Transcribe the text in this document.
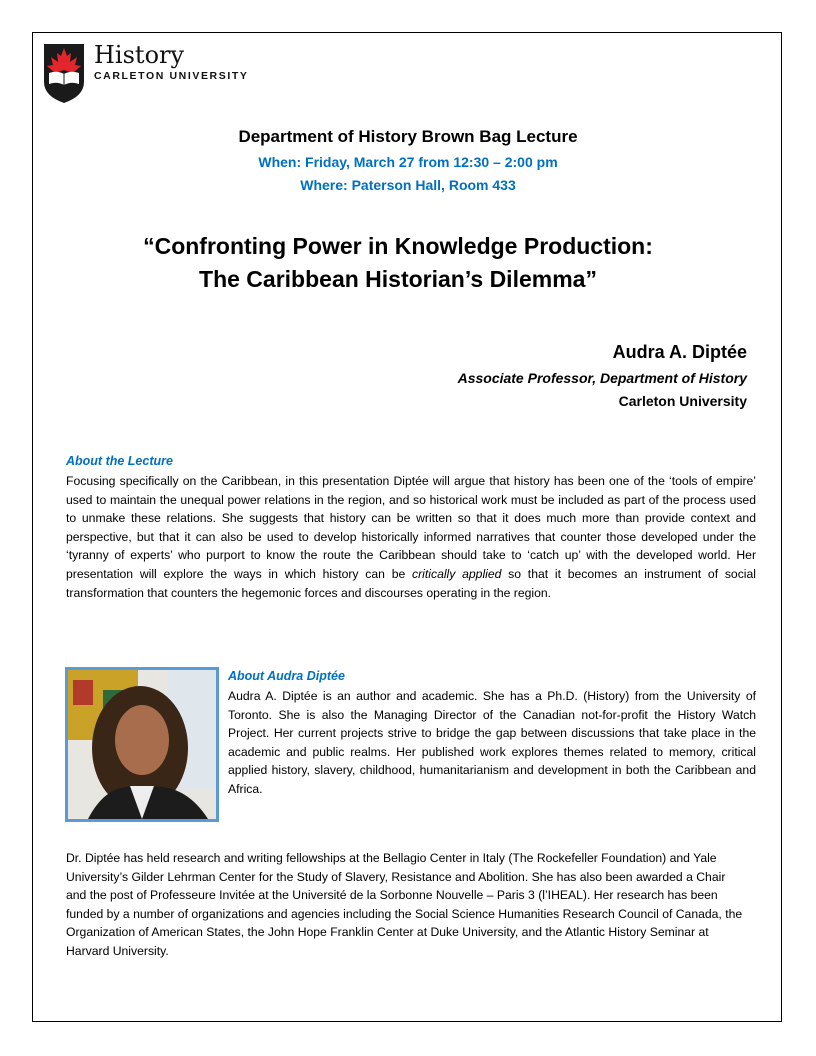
History
CARLETON UNIVERSITY
Department of History Brown Bag Lecture
When: Friday, March 27 from 12:30 – 2:00 pm
Where: Paterson Hall, Room 433
“Confronting Power in Knowledge Production:
The Caribbean Historian’s Dilemma”
Audra A. Diptée
Associate Professor, Department of History
Carleton University
About the Lecture
Focusing specifically on the Caribbean, in this presentation Diptée will argue that history has been one of the ‘tools of empire’ used to maintain the unequal power relations in the region, and so historical work must be included as part of the process used to unmake these relations. She suggests that history can be written so that it does much more than provide context and perspective, but that it can also be used to develop historically informed narratives that counter those developed under the ‘tyranny of experts’ who purport to know the route the Caribbean should take to ‘catch up’ with the developed world. Her presentation will explore the ways in which history can be critically applied so that it becomes an instrument of social transformation that counters the hegemonic forces and discourses operating in the region.
About Audra Diptée
Audra A. Diptée is an author and academic. She has a Ph.D. (History) from the University of Toronto. She is also the Managing Director of the Canadian not-for-profit the History Watch Project. Her current projects strive to bridge the gap between discussions that take place in the academic and public realms. Her published work explores themes related to memory, critical applied history, slavery, childhood, humanitarianism and development in both the Caribbean and Africa.
Dr. Diptée has held research and writing fellowships at the Bellagio Center in Italy (The Rockefeller Foundation) and Yale University’s Gilder Lehrman Center for the Study of Slavery, Resistance and Abolition. She has also been awarded a Chair and the post of Professeure Invitée at the Université de la Sorbonne Nouvelle – Paris 3 (l’IHEAL). Her research has been funded by a number of organizations and agencies including the Social Science Humanities Research Council of Canada, the Organization of American States, the John Hope Franklin Center at Duke University, and the Atlantic History Seminar at Harvard University.
